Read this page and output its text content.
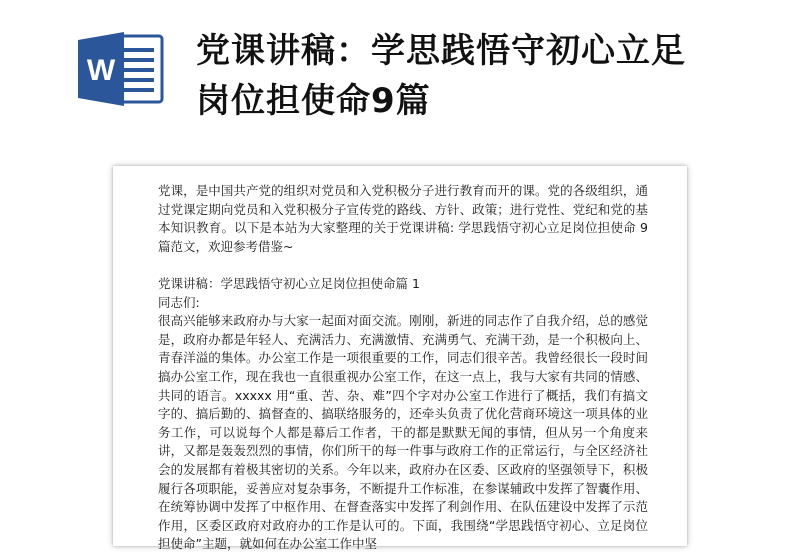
W 党课讲稿：学思践悟守初心立足
岗位担使命9篇

党课，是中国共产党的组织对党员和入党积极分子进行教育而开的课。党的各级组织，通过党课定期向党员和入党积极分子宣传党的路线、方针、政策；进行党性、党纪和党的基本知识教育。以下是本站为大家整理的关于党课讲稿: 学思践悟守初心立足岗位担使命 9 篇范文，欢迎参考借鉴~

党课讲稿：学思践悟守初心立足岗位担使命篇 1

同志们:

很高兴能够来政府办与大家一起面对面交流。刚刚，新进的同志作了自我介绍，总的感觉是，政府办都是年轻人、充满活力、充满激情、充满勇气、充满干劲，是一个积极向上、青春洋溢的集体。办公室工作是一项很重要的工作，同志们很辛苦。我曾经很长一段时间搞办公室工作，现在我也一直很重视办公室工作，在这一点上，我与大家有共同的情感、共同的语言。xxxxx 用“重、苦、杂、难”四个字对办公室工作进行了概括，我们有搞文字的、搞后勤的、搞督查的、搞联络服务的，还牵头负责了优化营商环境这一项具体的业务工作，可以说每个人都是幕后工作者，干的都是默默无闻的事情，但从另一个角度来讲，又都是轰轰烈烈的事情，你们所干的每一件事与政府工作的正常运行，与全区经济社会的发展都有着极其密切的关系。今年以来，政府办在区委、区政府的坚强领导下，积极履行各项职能，妥善应对复杂事务，不断提升工作标准，在参谋辅政中发挥了智囊作用、在统筹协调中发挥了中枢作用、在督查落实中发挥了利剑作用、在队伍建设中发挥了示范作用，区委区政府对政府办的工作是认可的。下面，我围绕“学思践悟守初心、立足岗位担使命”主题，就如何在办公室工作中坚
